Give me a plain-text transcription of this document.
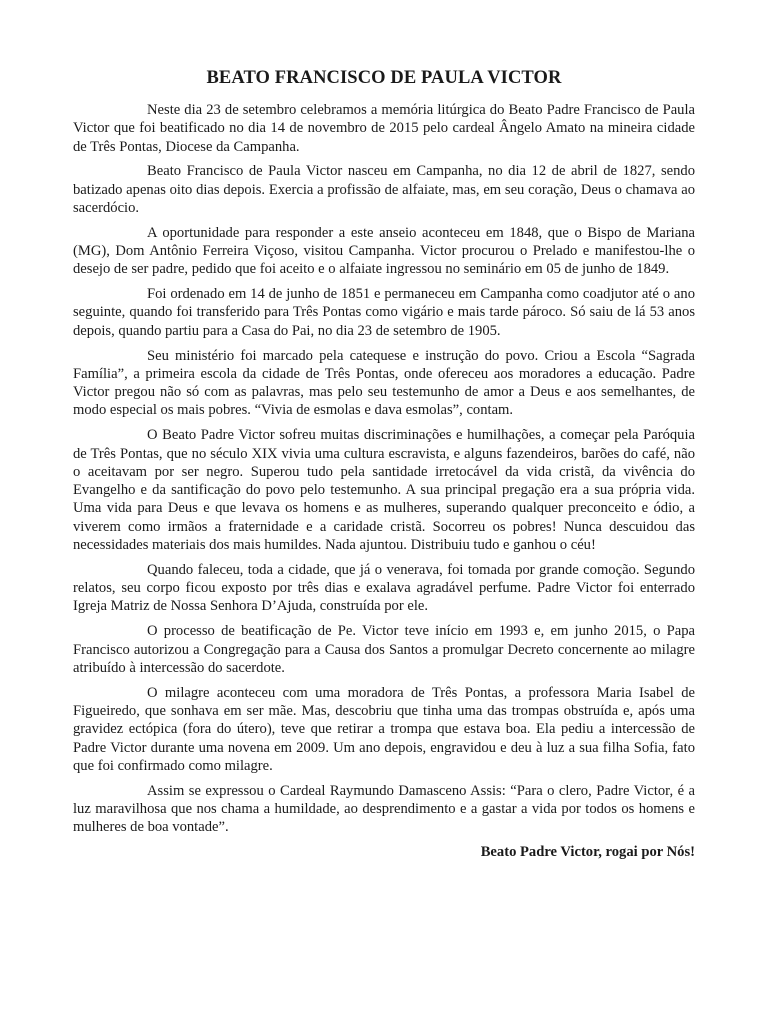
BEATO FRANCISCO DE PAULA VICTOR

Neste dia 23 de setembro celebramos a memória litúrgica do Beato Padre Francisco de Paula Victor que foi beatificado no dia 14 de novembro de 2015 pelo cardeal Ângelo Amato na mineira cidade de Três Pontas, Diocese da Campanha.

Beato Francisco de Paula Victor nasceu em Campanha, no dia 12 de abril de 1827, sendo batizado apenas oito dias depois. Exercia a profissão de alfaiate, mas, em seu coração, Deus o chamava ao sacerdócio.

A oportunidade para responder a este anseio aconteceu em 1848, que o Bispo de Mariana (MG), Dom Antônio Ferreira Viçoso, visitou Campanha. Victor procurou o Prelado e manifestou-lhe o desejo de ser padre, pedido que foi aceito e o alfaiate ingressou no seminário em 05 de junho de 1849.

Foi ordenado em 14 de junho de 1851 e permaneceu em Campanha como coadjutor até o ano seguinte, quando foi transferido para Três Pontas como vigário e mais tarde pároco. Só saiu de lá 53 anos depois, quando partiu para a Casa do Pai, no dia 23 de setembro de 1905.

Seu ministério foi marcado pela catequese e instrução do povo. Criou a Escola “Sagrada Família”, a primeira escola da cidade de Três Pontas, onde ofereceu aos moradores a educação. Padre Victor pregou não só com as palavras, mas pelo seu testemunho de amor a Deus e aos semelhantes, de modo especial os mais pobres. “Vivia de esmolas e dava esmolas”, contam.

O Beato Padre Victor sofreu muitas discriminações e humilhações, a começar pela Paróquia de Três Pontas, que no século XIX vivia uma cultura escravista, e alguns fazendeiros, barões do café, não o aceitavam por ser negro. Superou tudo pela santidade irretocável da vida cristã, da vivência do Evangelho e da santificação do povo pelo testemunho. A sua principal pregação era a sua própria vida. Uma vida para Deus e que levava os homens e as mulheres, superando qualquer preconceito e ódio, a viverem como irmãos a fraternidade e a caridade cristã. Socorreu os pobres! Nunca descuidou das necessidades materiais dos mais humildes. Nada ajuntou. Distribuiu tudo e ganhou o céu!

Quando faleceu, toda a cidade, que já o venerava, foi tomada por grande comoção. Segundo relatos, seu corpo ficou exposto por três dias e exalava agradável perfume. Padre Victor foi enterrado Igreja Matriz de Nossa Senhora D’Ajuda, construída por ele.

O processo de beatificação de Pe. Victor teve início em 1993 e, em junho 2015, o Papa Francisco autorizou a Congregação para a Causa dos Santos a promulgar Decreto concernente ao milagre atribuído à intercessão do sacerdote.

O milagre aconteceu com uma moradora de Três Pontas, a professora Maria Isabel de Figueiredo, que sonhava em ser mãe. Mas, descobriu que tinha uma das trompas obstruída e, após uma gravidez ectópica (fora do útero), teve que retirar a trompa que estava boa. Ela pediu a intercessão de Padre Victor durante uma novena em 2009. Um ano depois, engravidou e deu à luz a sua filha Sofia, fato que foi confirmado como milagre.

Assim se expressou o Cardeal Raymundo Damasceno Assis: “Para o clero, Padre Victor, é a luz maravilhosa que nos chama a humildade, ao desprendimento e a gastar a vida por todos os homens e mulheres de boa vontade”.

Beato Padre Victor, rogai por Nós!
